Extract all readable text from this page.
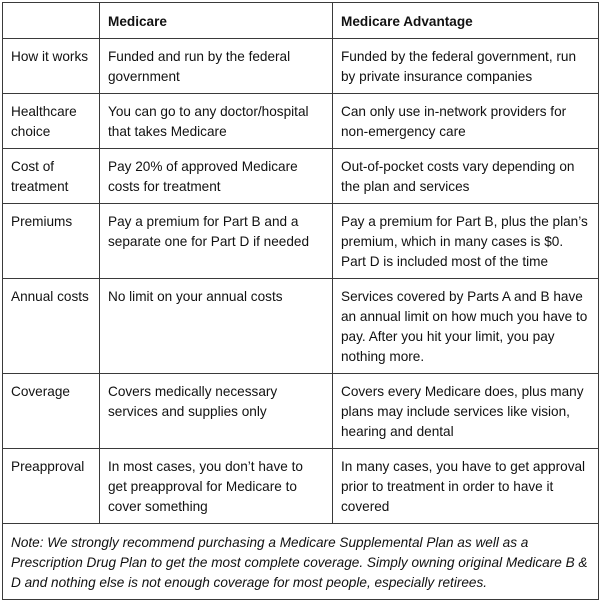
	Medicare	Medicare Advantage
How it works	Funded and run by the federal government	Funded by the federal government, run by private insurance companies
Healthcare choice	You can go to any doctor/hospital that takes Medicare	Can only use in-network providers for non-emergency care
Cost of treatment	Pay 20% of approved Medicare costs for treatment	Out-of-pocket costs vary depending on the plan and services
Premiums	Pay a premium for Part B and a separate one for Part D if needed	Pay a premium for Part B, plus the plan’s premium, which in many cases is $0. Part D is included most of the time
Annual costs	No limit on your annual costs	Services covered by Parts A and B have an annual limit on how much you have to pay. After you hit your limit, you pay nothing more.
Coverage	Covers medically necessary services and supplies only	Covers every Medicare does, plus many plans may include services like vision, hearing and dental
Preapproval	In most cases, you don’t have to get preapproval for Medicare to cover something	In many cases, you have to get approval prior to treatment in order to have it covered
Note: We strongly recommend purchasing a Medicare Supplemental Plan as well as a Prescription Drug Plan to get the most complete coverage. Simply owning original Medicare B & D and nothing else is not enough coverage for most people, especially retirees.		
